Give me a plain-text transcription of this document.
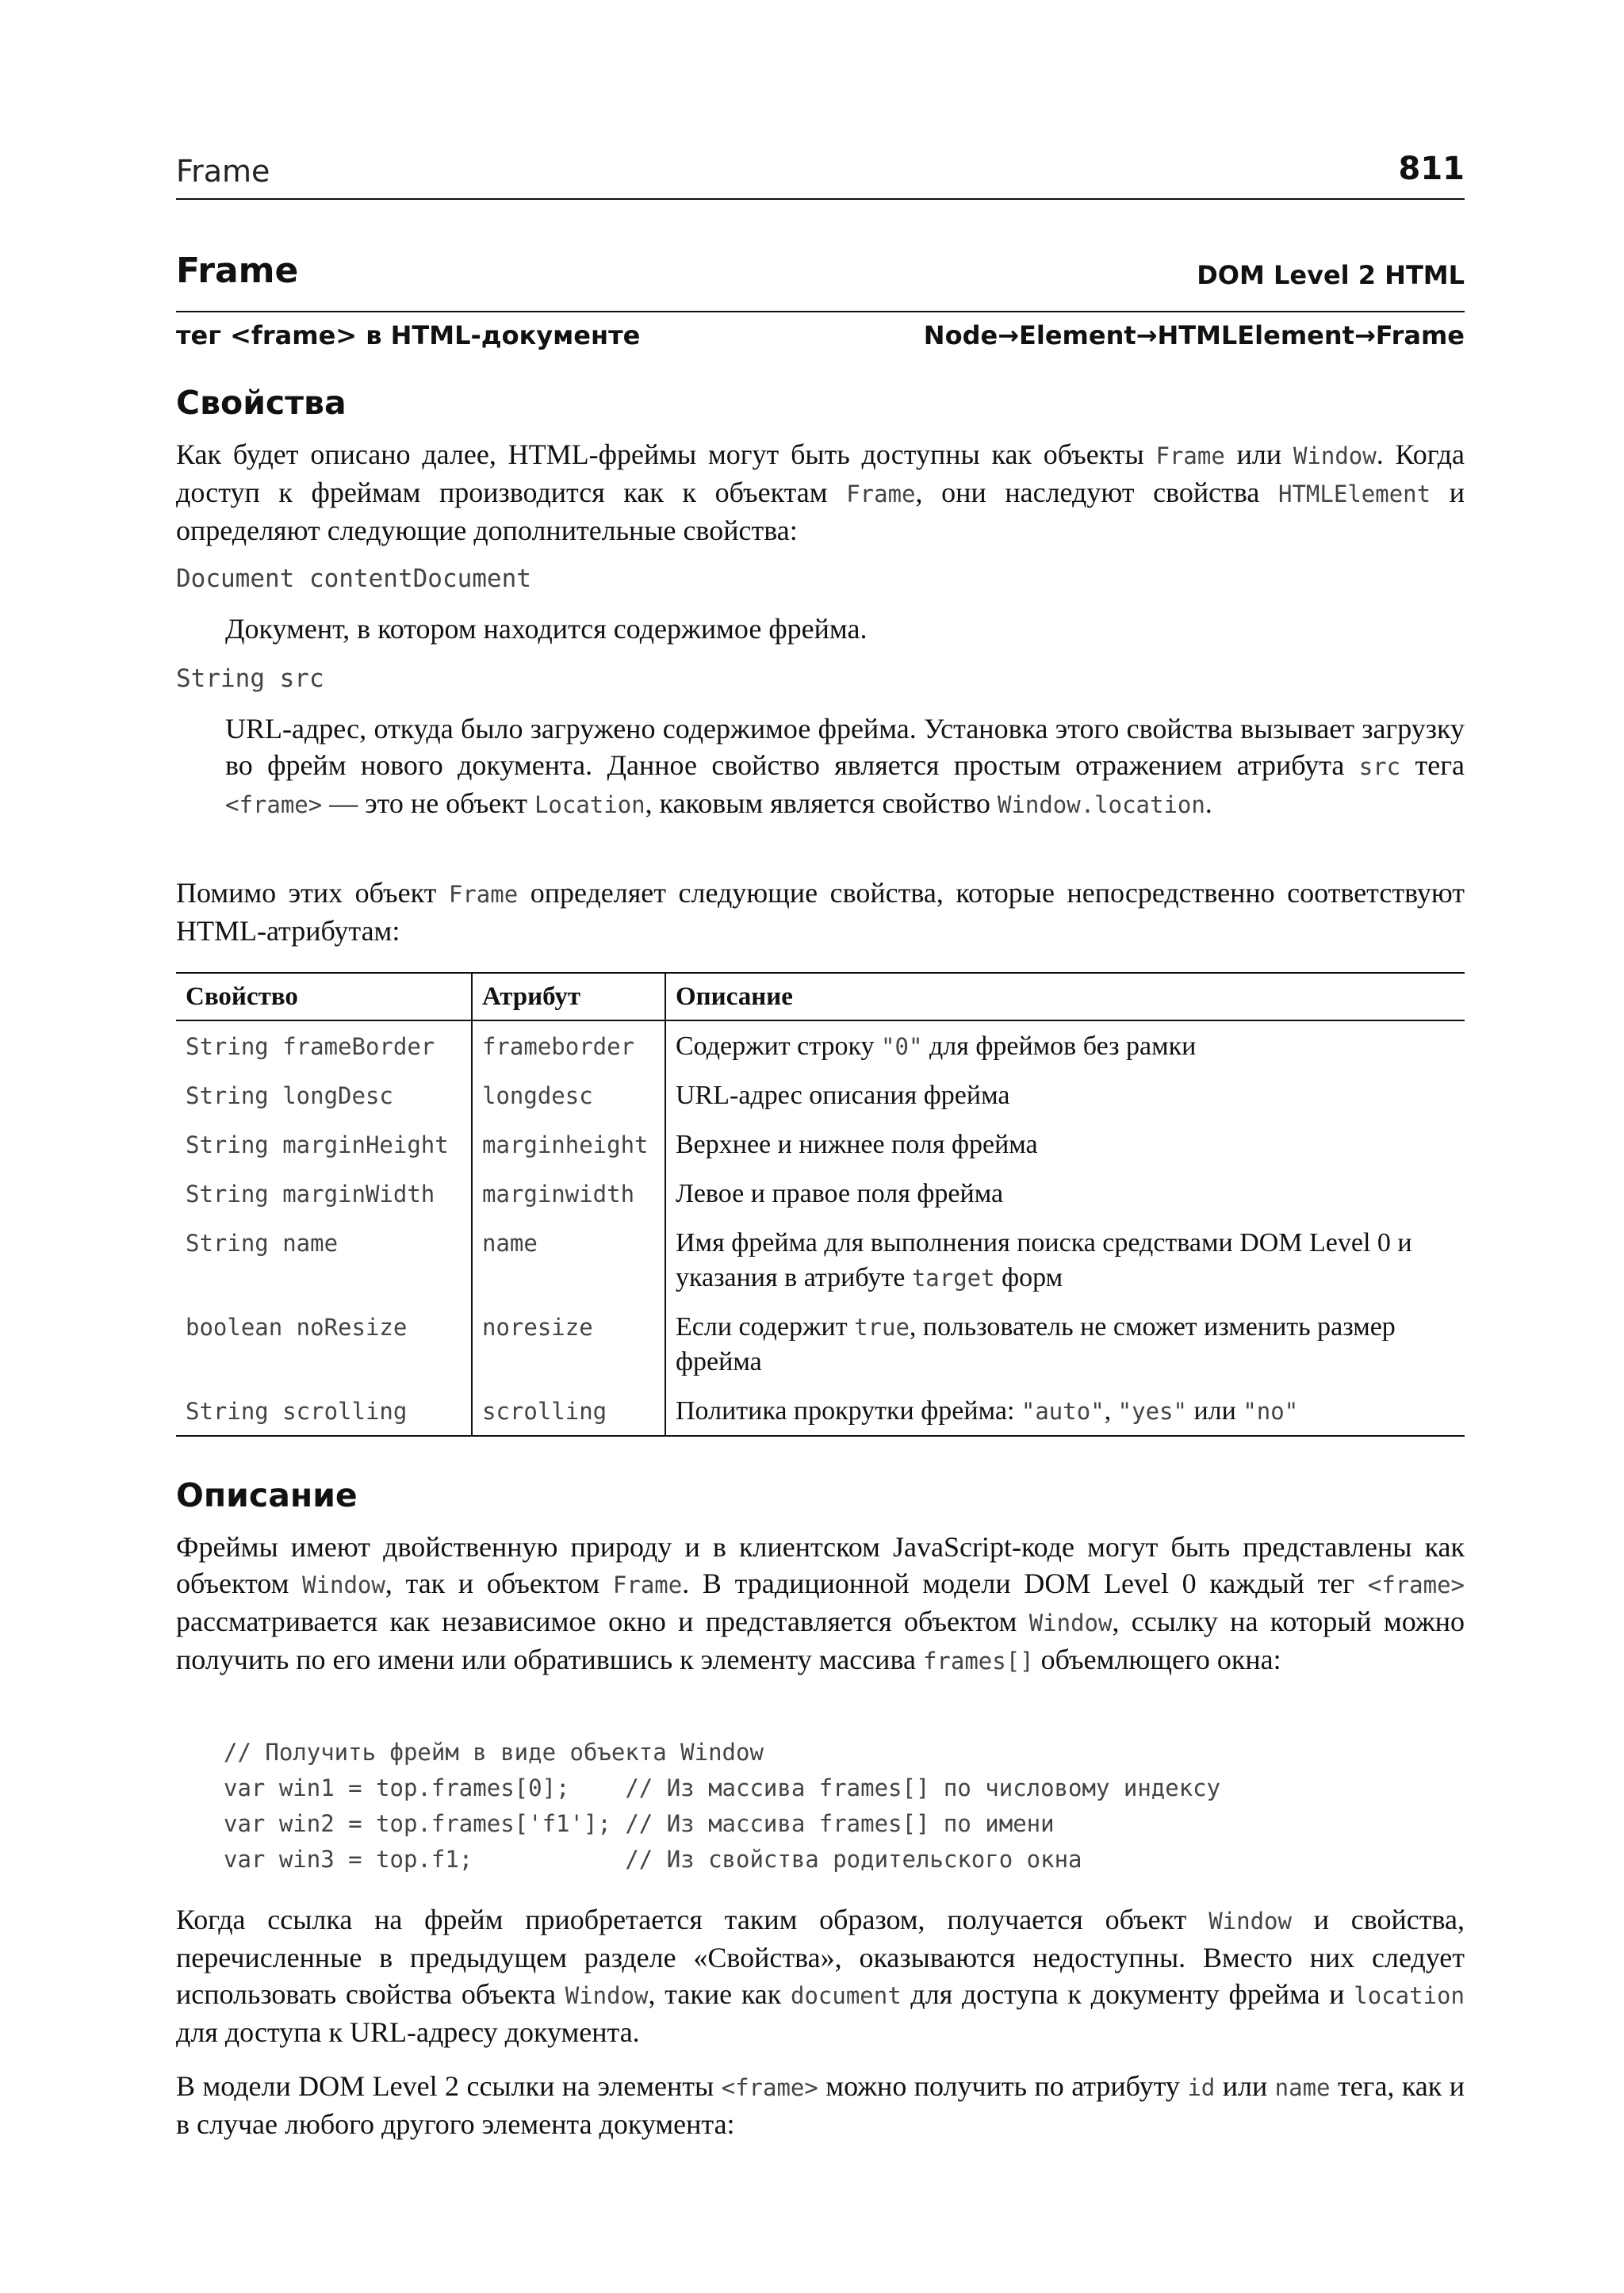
Frame	811
Frame	DOM Level 2 HTML
тег <frame> в HTML-документе	Node→Element→HTMLElement→Frame
Свойства

Как будет описано далее, HTML-фреймы могут быть доступны как объекты Frame или Window. Когда доступ к фреймам производится как к объектам Frame, они наследуют свойства HTMLElement и определяют следующие дополнительные свойства:

Document contentDocument

Документ, в котором находится содержимое фрейма.

String src

URL-адрес, откуда было загружено содержимое фрейма. Установка этого свойства вызывает загрузку во фрейм нового документа. Данное свойство является простым отражением атрибута src тега <frame> — это не объект Location, каковым является свойство Window.location.

Помимо этих объект Frame определяет следующие свойства, которые непосредственно соответствуют HTML-атрибутам:

Свойство	Атрибут	Описание
String frameBorder	frameborder	Содержит строку "0" для фреймов без рамки
String longDesc	longdesc	URL-адрес описания фрейма
String marginHeight	marginheight	Верхнее и нижнее поля фрейма
String marginWidth	marginwidth	Левое и правое поля фрейма
String name	name	Имя фрейма для выполнения поиска средствами DOM Level 0 и указания в атрибуте target форм
boolean noResize	noresize	Если содержит true, пользователь не сможет изменить размер фрейма
String scrolling	scrolling	Политика прокрутки фрейма: "auto", "yes" или "no"
Описание

Фреймы имеют двойственную природу и в клиентском JavaScript-коде могут быть представлены как объектом Window, так и объектом Frame. В традиционной модели DOM Level 0 каждый тег <frame> рассматривается как независимое окно и представляется объектом Window, ссылку на который можно получить по его имени или обратившись к элементу массива frames[] объемлющего окна:

// Получить фрейм в виде объекта Window
var win1 = top.frames[0];    // Из массива frames[] по числовому индексу
var win2 = top.frames['f1']; // Из массива frames[] по имени
var win3 = top.f1;           // Из свойства родительского окна

Когда ссылка на фрейм приобретается таким образом, получается объект Window и свойства, перечисленные в предыдущем разделе «Свойства», оказываются недоступны. Вместо них следует использовать свойства объекта Window, такие как document для доступа к документу фрейма и location для доступа к URL-адресу документа.

В модели DOM Level 2 ссылки на элементы <frame> можно получить по атрибуту id или name тега, как и в случае любого другого элемента документа:
